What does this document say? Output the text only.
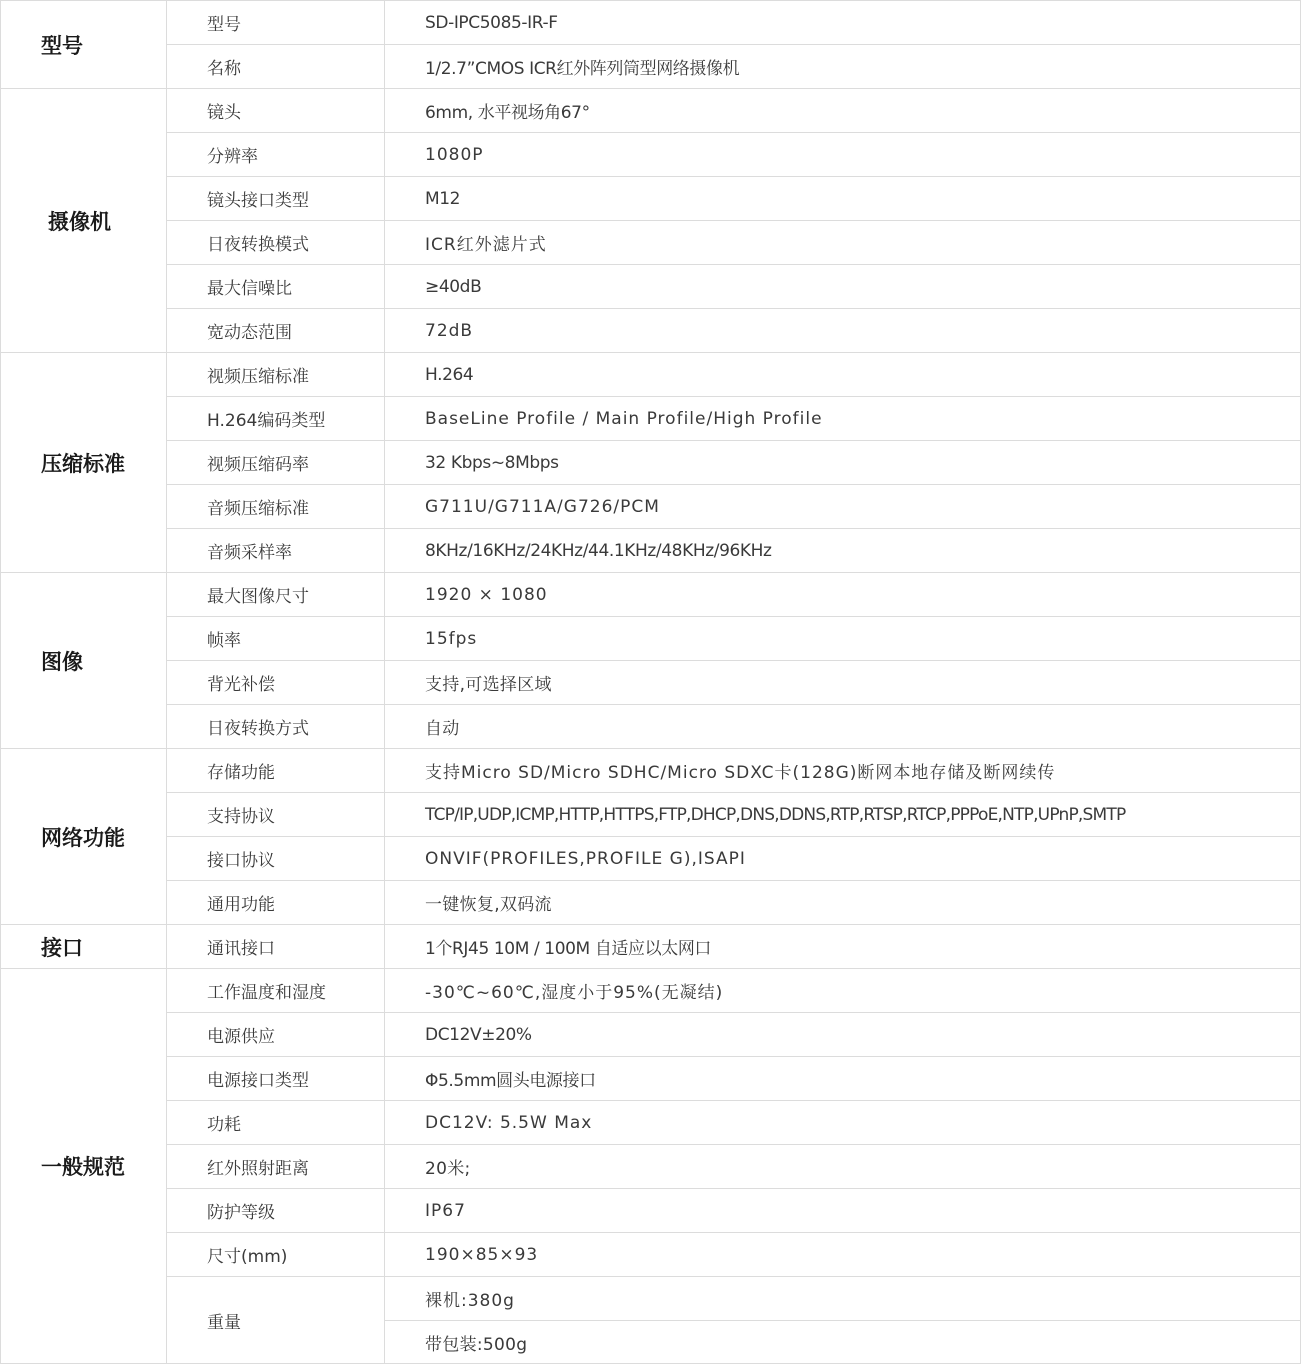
型号	型号	SD-IPC5085-IR-F
	名称	1/2.7”CMOS ICR红外阵列筒型网络摄像机
摄像机	镜头	6mm, 水平视场角67°
	分辨率	1080P
	镜头接口类型	M12
	日夜转换模式	ICR红外滤片式
	最大信噪比	≥40dB
	宽动态范围	72dB
压缩标准	视频压缩标准	H.264
	H.264编码类型	BaseLine Profile / Main Profile/High Profile
	视频压缩码率	32 Kbps~8Mbps
	音频压缩标准	G711U/G711A/G726/PCM
	音频采样率	8KHz/16KHz/24KHz/44.1KHz/48KHz/96KHz
图像	最大图像尺寸	1920 × 1080
	帧率	15fps
	背光补偿	支持,可选择区域
	日夜转换方式	自动
网络功能	存储功能	支持Micro SD/Micro SDHC/Micro SDXC卡(128G)断网本地存储及断网续传
	支持协议	TCP/IP,UDP,ICMP,HTTP,HTTPS,FTP,DHCP,DNS,DDNS,RTP,RTSP,RTCP,PPPoE,NTP,UPnP,SMTP
	接口协议	ONVIF(PROFILES,PROFILE G),ISAPI
	通用功能	一键恢复,双码流
接口	通讯接口	1个RJ45 10M / 100M 自适应以太网口
一般规范	工作温度和湿度	-30℃~60℃,湿度小于95%(无凝结)
	电源供应	DC12V±20%
	电源接口类型	Φ5.5mm圆头电源接口
	功耗	DC12V: 5.5W Max
	红外照射距离	20米;
	防护等级	IP67
	尺寸(mm)	190×85×93
	重量	裸机:380g
		带包装:500g
